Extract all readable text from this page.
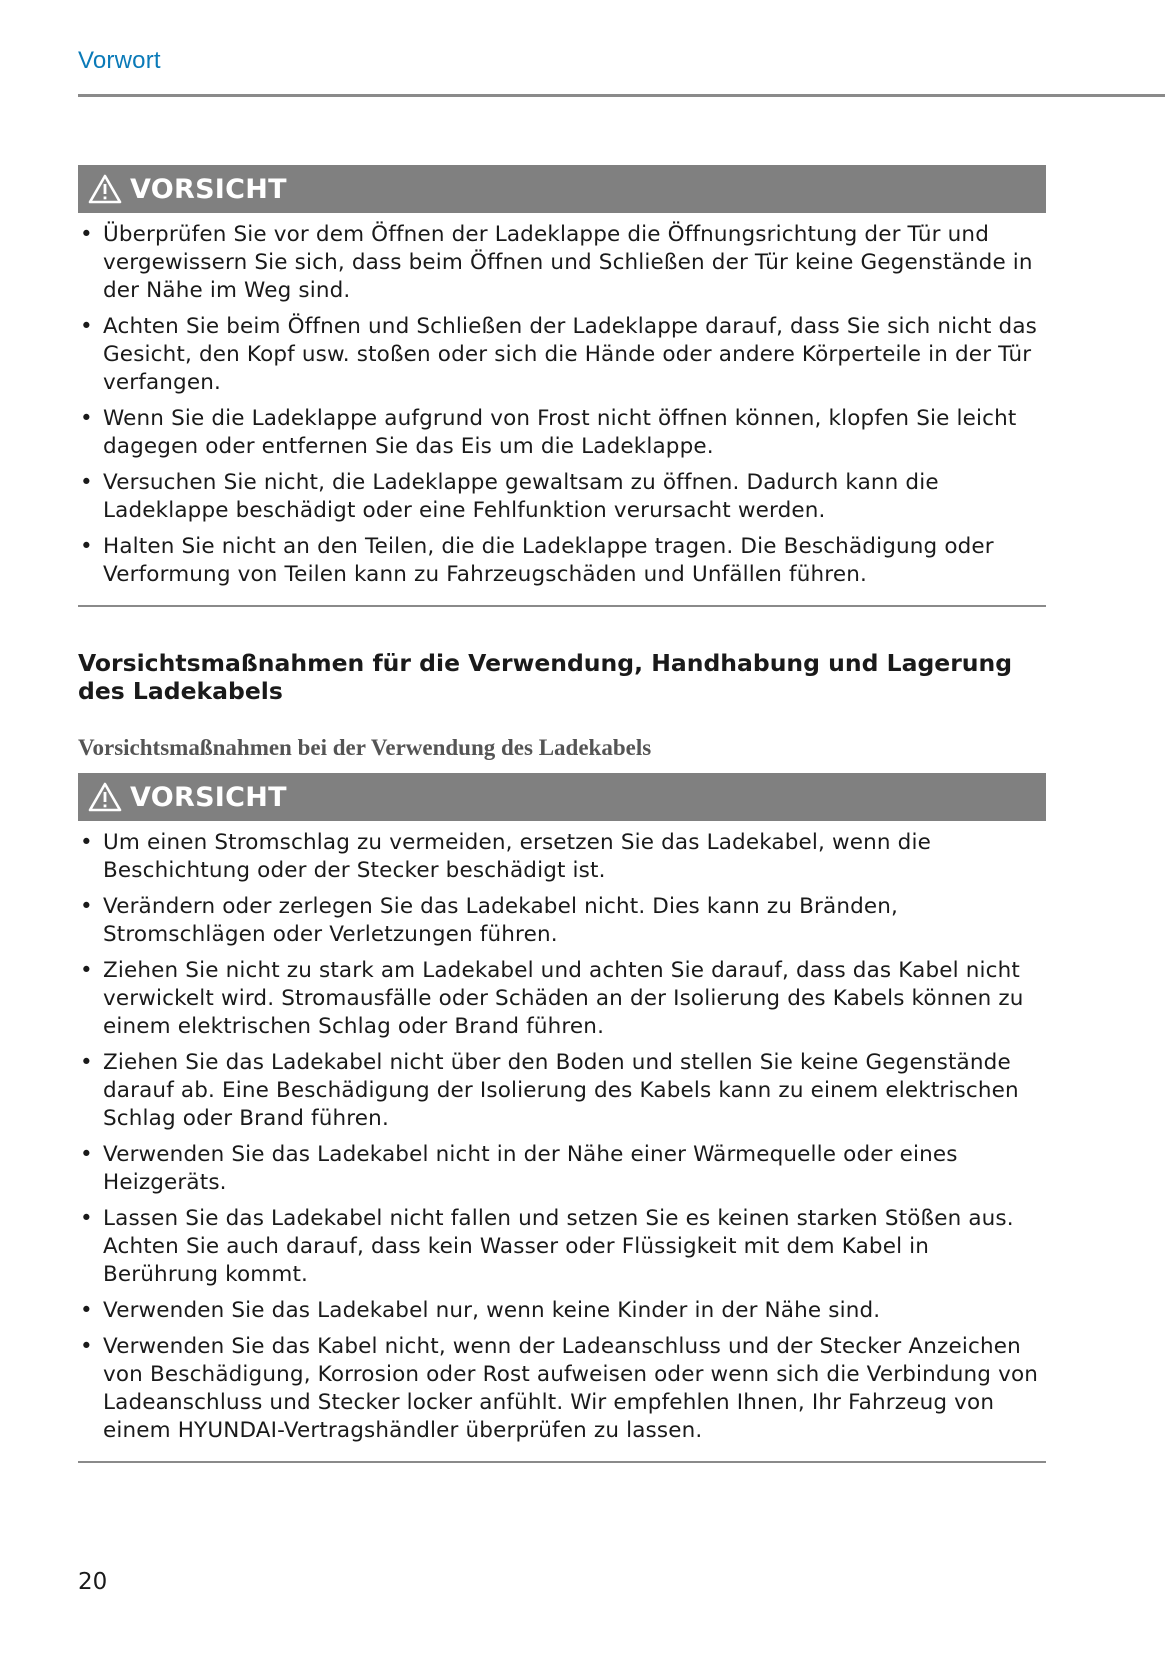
Vorwort
VORSICHT
• Überprüfen Sie vor dem Öffnen der Ladeklappe die Öffnungsrichtung der Tür und vergewissern Sie sich, dass beim Öffnen und Schließen der Tür keine Gegenstände in der Nähe im Weg sind.
• Achten Sie beim Öffnen und Schließen der Ladeklappe darauf, dass Sie sich nicht das Gesicht, den Kopf usw. stoßen oder sich die Hände oder andere Körperteile in der Tür verfangen.
• Wenn Sie die Ladeklappe aufgrund von Frost nicht öffnen können, klopfen Sie leicht dagegen oder entfernen Sie das Eis um die Ladeklappe.
• Versuchen Sie nicht, die Ladeklappe gewaltsam zu öffnen. Dadurch kann die Ladeklappe beschädigt oder eine Fehlfunktion verursacht werden.
• Halten Sie nicht an den Teilen, die die Ladeklappe tragen. Die Beschädigung oder Verformung von Teilen kann zu Fahrzeugschäden und Unfällen führen.
Vorsichtsmaßnahmen für die Verwendung, Handhabung und Lagerung des Ladekabels
Vorsichtsmaßnahmen bei der Verwendung des Ladekabels
VORSICHT
• Um einen Stromschlag zu vermeiden, ersetzen Sie das Ladekabel, wenn die Beschichtung oder der Stecker beschädigt ist.
• Verändern oder zerlegen Sie das Ladekabel nicht. Dies kann zu Bränden, Stromschlägen oder Verletzungen führen.
• Ziehen Sie nicht zu stark am Ladekabel und achten Sie darauf, dass das Kabel nicht verwickelt wird. Stromausfälle oder Schäden an der Isolierung des Kabels können zu einem elektrischen Schlag oder Brand führen.
• Ziehen Sie das Ladekabel nicht über den Boden und stellen Sie keine Gegenstände darauf ab. Eine Beschädigung der Isolierung des Kabels kann zu einem elektrischen Schlag oder Brand führen.
• Verwenden Sie das Ladekabel nicht in der Nähe einer Wärmequelle oder eines Heizgeräts.
• Lassen Sie das Ladekabel nicht fallen und setzen Sie es keinen starken Stößen aus. Achten Sie auch darauf, dass kein Wasser oder Flüssigkeit mit dem Kabel in Berührung kommt.
• Verwenden Sie das Ladekabel nur, wenn keine Kinder in der Nähe sind.
• Verwenden Sie das Kabel nicht, wenn der Ladeanschluss und der Stecker Anzeichen von Beschädigung, Korrosion oder Rost aufweisen oder wenn sich die Verbindung von Ladeanschluss und Stecker locker anfühlt. Wir empfehlen Ihnen, Ihr Fahrzeug von einem HYUNDAI-Vertragshändler überprüfen zu lassen.
20
